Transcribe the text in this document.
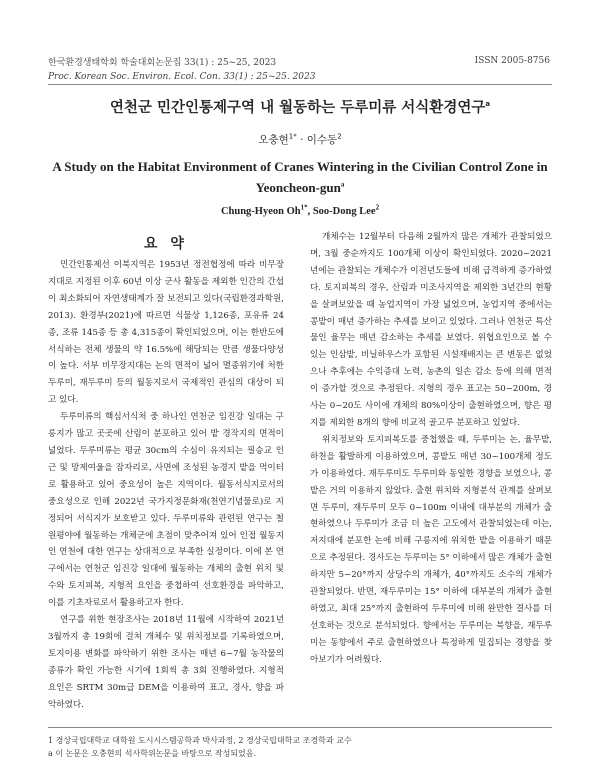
한국환경생태학회 학술대회논문집 33(1) : 25~25, 2023
Proc. Korean Soc. Environ. Ecol. Con. 33(1) : 25~25. 2023
ISSN 2005-8756
연천군 민간인통제구역 내 월동하는 두루미류 서식환경연구$^a$
오충현$^{1*}$ · 이수동$^2$
A Study on the Habitat Environment of Cranes Wintering in the Civilian Control Zone in
Yeoncheon-gun$^a$
Chung-Hyeon $Oh^{1*}$, Soo-Dong Lee$^2$
요 약

민간인통제선 이북지역은 1953년 정전협정에 따라 비무장지대로 지정된 이후 60년 이상 군사 활동을 제외한 인간의 간섭이 최소화되어 자연생태계가 잘 보전되고 있다(국립환경과학원, 2013). 환경부(2021)에 따르면 식물상 1,126종, 포유류 24종, 조류 145종 등 총 4,315종이 확인되었으며, 이는 한반도에 서식하는 전체 생물의 약 16.5%에 해당되는 만큼 생물다양성이 높다. 서부 비무장지대는 논의 면적이 넓어 멸종위기에 처한 두루미, 재두루미 등의 월동지로서 국제적인 관심의 대상이 되고 있다.

두루미류의 핵심서식처 중 하나인 연천군 임진강 일대는 구릉지가 많고 곳곳에 산림이 분포하고 있어 밭 경작지의 면적이 넓었다. 두루미류는 평균 30cm의 수심이 유지되는 필승교 인근 및 망제여울을 잠자리로, 사면에 조성된 농경지 밭을 먹이터로 활용하고 있어 중요성이 높은 지역이다. 월동서식지로서의 중요성으로 인해 2022년 국가지정문화재(천연기념물로)로 지정되어 서식지가 보호받고 있다. 두루미류와 관련된 연구는 철원평야에 월동하는 개체군에 초점이 맞추어져 있어 인접 월동지인 연천에 대한 연구는 상대적으로 부족한 실정이다. 이에 본 연구에서는 연천군 임진강 일대에 월동하는 개체의 출현 위치 및 수와 토지피복, 지형적 요인을 중첩하여 선호환경을 파악하고, 이를 기초자료로서 활용하고자 한다.

연구를 위한 현장조사는 2018년 11월에 시작하여 2021년 3월까지 총 19회에 걸쳐 개체수 및 위치정보를 기록하였으며, 토지이용 변화를 파악하기 위한 조사는 매년 6~7월 농작물의 종류가 확인 가능한 시기에 1회씩 총 3회 진행하였다. 지형적 요인은 SRTM 30m급 DEM을 이용하여 표고, 경사, 향을 파악하였다.

개체수는 12월부터 다음해 2월까지 많은 개체가 관찰되었으며, 3월 중순까지도 100개체 이상이 확인되었다. 2020~2021년에는 관찰되는 개체수가 이전년도들에 비해 급격하게 증가하였다. 토지피복의 경우, 산림과 미조사지역을 제외한 3년간의 현황을 살펴보았을 때 농업지역이 가장 넓었으며, 농업지역 중에서는 콩밭이 매년 증가하는 추세를 보이고 있었다. 그러나 연천군 특산물인 율무는 매년 감소하는 추세를 보였다. 위협요인으로 볼 수 있는 인삼밭, 비닐하우스가 포함된 시설재배지는 큰 변동은 없었으나 추후에는 수익증대 노력, 농촌의 일손 감소 등에 의해 면적이 증가할 것으로 추정된다. 지형의 경우 표고는 50~200m, 경사는 0~20도 사이에 개체의 80%이상이 출현하였으며, 향은 평지를 제외한 8개의 향에 비교적 골고루 분포하고 있었다.

위치정보와 토지피복도를 중첩했을 때, 두루미는 논, 율무밭, 하천을 활발하게 이용하였으며, 콩밭도 매년 30~100개체 정도가 이용하였다. 재두루미도 두루미와 동일한 경향을 보였으나, 콩밭은 거의 이용하지 않았다. 출현 위치와 지형분석 관계를 살펴보면 두루미, 재두루미 모두 0~100m 이내에 대부분의 개체가 출현하였으나 두루미가 조금 더 높은 고도에서 관찰되었는데 이는, 저지대에 분포한 논에 비해 구릉지에 위치한 밭을 이용하기 때문으로 추정된다. 경사도는 두루미는 5° 이하에서 많은 개체가 출현하지만 5~20°까지 상당수의 개체가, 40°까지도 소수의 개체가 관찰되었다. 반면, 재두루미는 15° 이하에 대부분의 개체가 출현하였고, 최대 25°까지 출현하여 두루미에 비해 완만한 결사를 더 선호하는 것으로 분석되었다. 향에서는 두루미는 북향을, 재두루미는 동향에서 주로 출현하였으나 특정하게 밀집되는 경향을 찾아보기가 어려웠다.

1 경상국립대학교 대학원 도시시스템공학과 박사과정, 2 경상국립대학교 조경학과 교수
a 이 논문은 오충현의 석사학위논문을 바탕으로 작성되었음.
